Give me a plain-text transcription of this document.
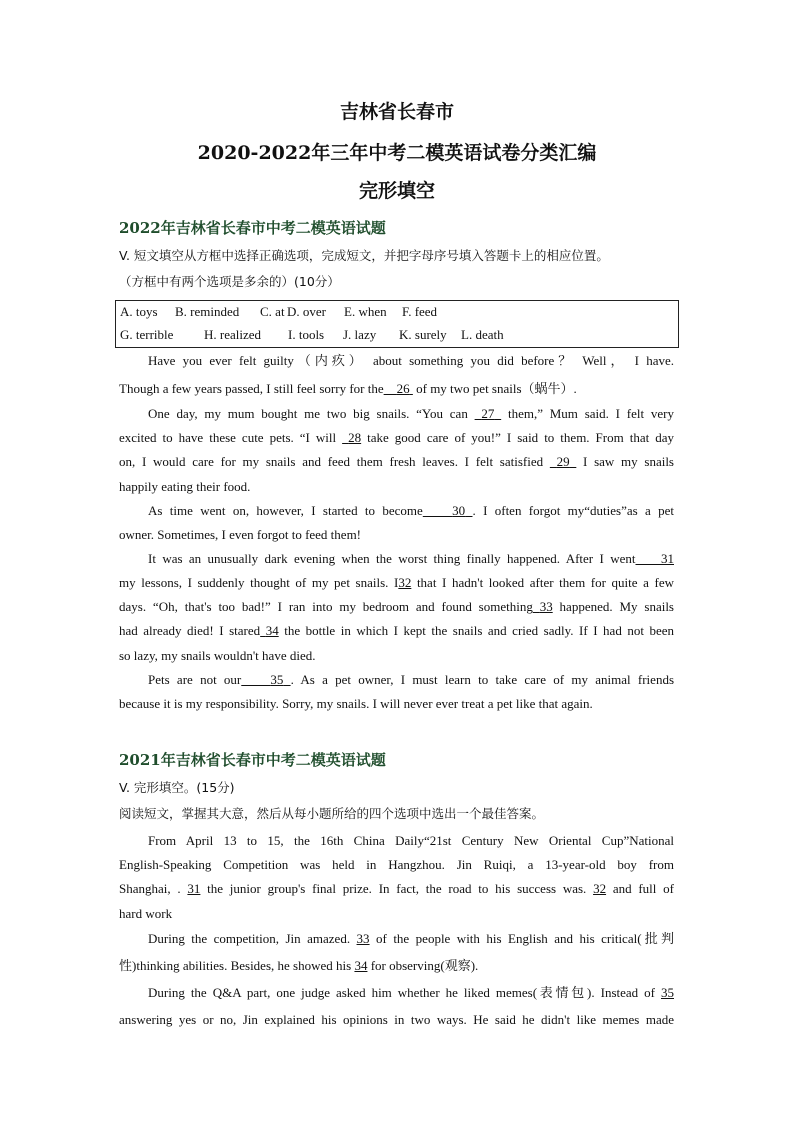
吉林省长春市
2020-2022年三年中考二模英语试卷分类汇编
完形填空
2022年吉林省长春市中考二模英语试题
V. 短文填空从方框中选择正确选项，完成短文，并把字母序号填入答题卡上的相应位置。
（方框中有两个选项是多余的）(10分）
A. toys B. reminded C. at D. over E. when F. feed
G. terrible H. realized I. tools J. lazy K. surely L. death
Have you ever felt guilty（内疚） about something you did before？ Well， I have.
Though a few years passed, I still feel sorry for the 26  of my two pet snails（蜗牛）.
One day, my mum bought me two big snails. “You can  27  them,” Mum said. I felt very
excited to have these cute pets. “I will  28 take good care of you!” I said to them. From that day
on, I would care for my snails and feed them fresh leaves. I felt satisfied  29  I saw my snails
happily eating their food.
As time went on, however, I started to become 30 . I often forgot my“duties”as a pet
owner. Sometimes, I even forgot to feed them!
It was an unusually dark evening when the worst thing finally happened. After I went 31
my lessons, I suddenly thought of my pet snails. I32 that I hadn't looked after them for quite a few
days. “Oh, that's too bad!” I ran into my bedroom and found something 33 happened. My snails
had already died! I stared 34 the bottle in which I kept the snails and cried sadly. If I had not been
so lazy, my snails wouldn't have died.
Pets are not our 35 . As a pet owner, I must learn to take care of my animal friends
because it is my responsibility. Sorry, my snails. I will never ever treat a pet like that again.
2021年吉林省长春市中考二模英语试题
V. 完形填空。(15分)
阅读短文，掌握其大意，然后从每小题所给的四个选项中选出一个最佳答案。
From April 13 to 15, the 16th China Daily“21st Century New Oriental Cup”National
English-Speaking Competition was held in Hangzhou. Jin Ruiqi, a 13-year-old boy from
Shanghai, . 31 the junior group's final prize. In fact, the road to his success was. 32 and full of
hard work
During the competition, Jin amazed. 33 of the people with his English and his critical(批判
性)thinking abilities. Besides, he showed his 34 for observing(观察).
During the Q&A part, one judge asked him whether he liked memes(表情包). Instead of 35
answering yes or no, Jin explained his opinions in two ways. He said he didn't like memes made
